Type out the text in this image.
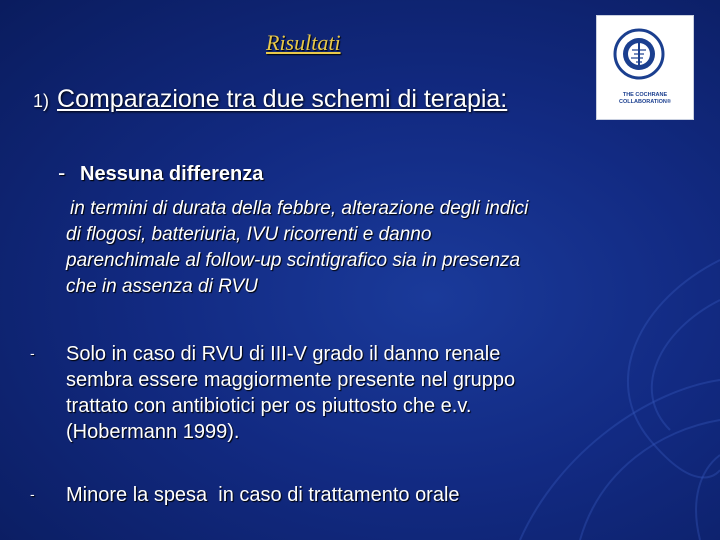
Risultati
THE COCHRANE
COLLABORATION®
1) Comparazione tra due schemi di terapia:
- Nessuna differenza
in termini di durata della febbre, alterazione degli indici
di flogosi, batteriuria, IVU ricorrenti e danno
parenchimale al follow-up scintigrafico sia in presenza
che in assenza di RVU
- Solo in caso di RVU di III-V grado il danno renale
sembra essere maggiormente presente nel gruppo
trattato con antibiotici per os piuttosto che e.v.
(Hobermann 1999).
- Minore la spesa  in caso di trattamento orale
